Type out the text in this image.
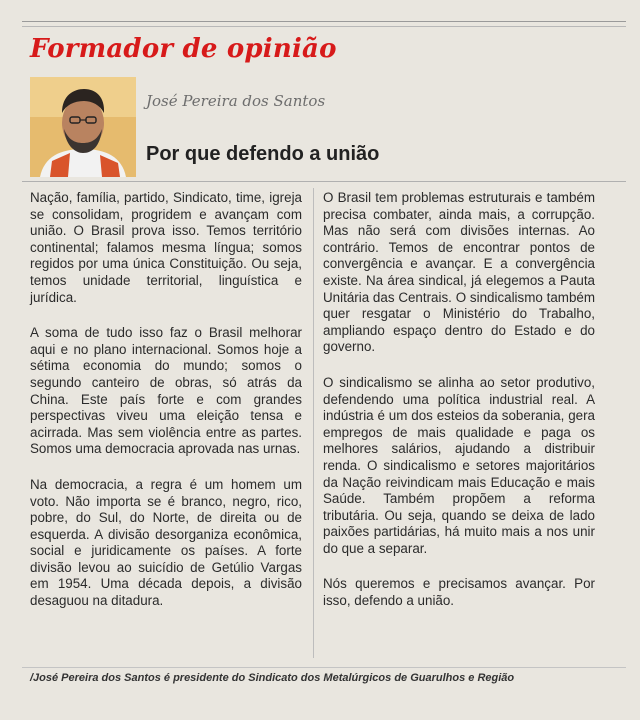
Formador de opinião
José Pereira dos Santos
Por que defendo a união

Nação, família, partido, Sindicato, time, igreja se consolidam, progridem e avançam com união. O Brasil prova isso. Temos território continental; falamos mesma língua; somos regidos por uma única Constituição. Ou seja, temos unidade territorial, linguística e jurídica.

A soma de tudo isso faz o Brasil melhorar aqui e no plano internacional. Somos hoje a sétima economia do mundo; somos o segundo canteiro de obras, só atrás da China. Este país forte e com grandes perspectivas viveu uma eleição tensa e acirrada. Mas sem violência entre as partes. Somos uma democracia aprovada nas urnas.

Na democracia, a regra é um homem um voto. Não importa se é branco, negro, rico, pobre, do Sul, do Norte, de direita ou de esquerda. A divisão desorganiza econômica, social e juridicamente os países. A forte divisão levou ao suicídio de Getúlio Vargas em 1954. Uma década depois, a divisão desaguou na ditadura.

O Brasil tem problemas estruturais e também precisa combater, ainda mais, a corrupção. Mas não será com divisões internas. Ao contrário. Temos de encontrar pontos de convergência e avançar. E a convergência existe. Na área sindical, já elegemos a Pauta Unitária das Centrais. O sindicalismo também quer resgatar o Ministério do Trabalho, ampliando espaço dentro do Estado e do governo.

O sindicalismo se alinha ao setor produtivo, defendendo uma política industrial real. A indústria é um dos esteios da soberania, gera empregos de mais qualidade e paga os melhores salários, ajudando a distribuir renda. O sindicalismo e setores majoritários da Nação reivindicam mais Educação e mais Saúde. Também propõem a reforma tributária. Ou seja, quando se deixa de lado paixões partidárias, há muito mais a nos unir do que a separar.

Nós queremos e precisamos avançar. Por isso, defendo a união.

/José Pereira dos Santos é presidente do Sindicato dos Metalúrgicos de Guarulhos e Região
